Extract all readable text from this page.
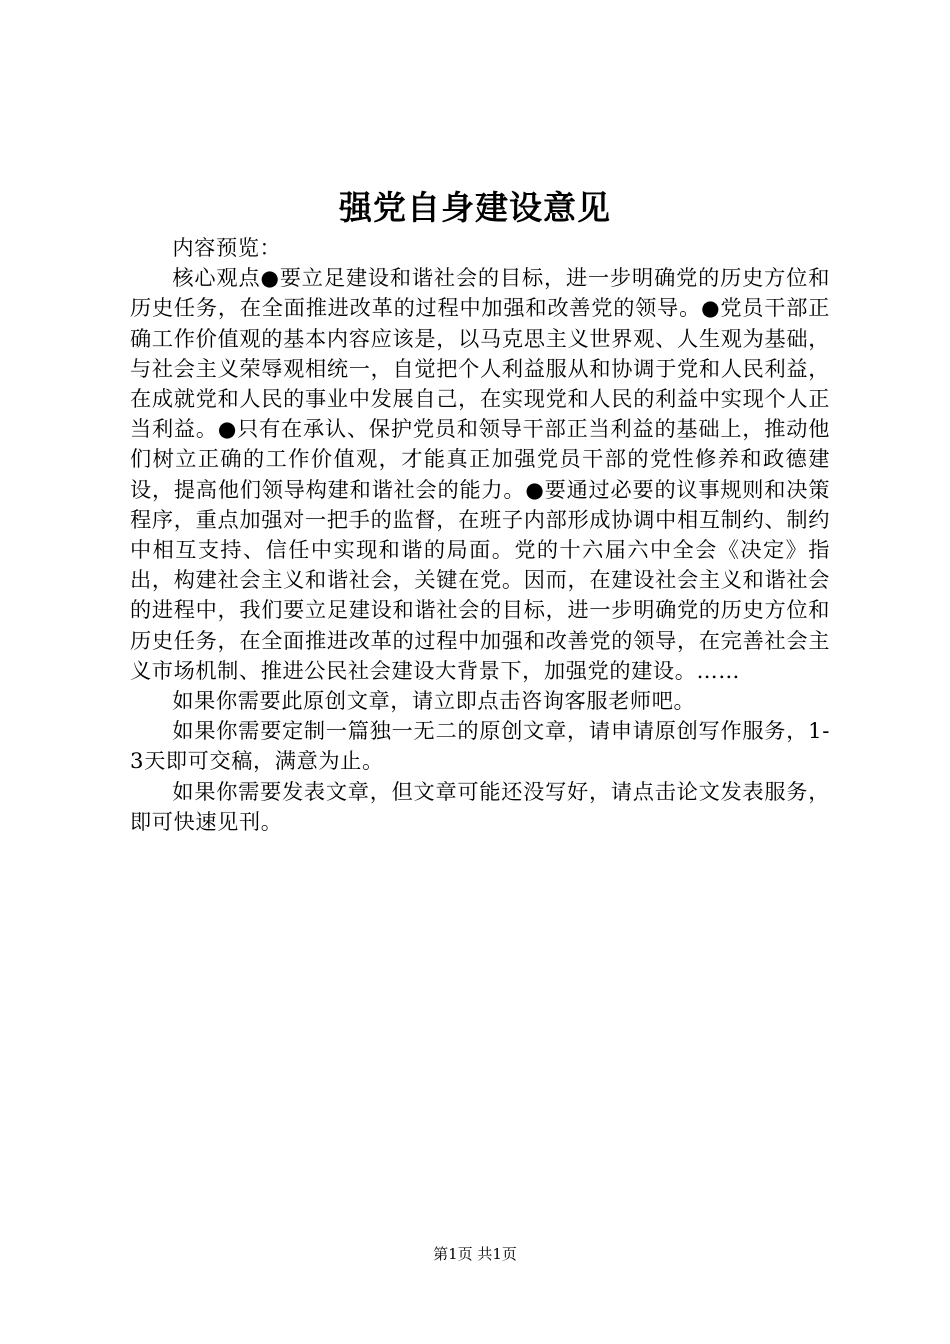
强党自身建设意见

内容预览：

核心观点●要立足建设和谐社会的目标，进一步明确党的历史方位和历史任务，在全面推进改革的过程中加强和改善党的领导。●党员干部正确工作价值观的基本内容应该是，以马克思主义世界观、人生观为基础，与社会主义荣辱观相统一，自觉把个人利益服从和协调于党和人民利益，在成就党和人民的事业中发展自己，在实现党和人民的利益中实现个人正当利益。●只有在承认、保护党员和领导干部正当利益的基础上，推动他们树立正确的工作价值观，才能真正加强党员干部的党性修养和政德建设，提高他们领导构建和谐社会的能力。●要通过必要的议事规则和决策程序，重点加强对一把手的监督，在班子内部形成协调中相互制约、制约中相互支持、信任中实现和谐的局面。党的十六届六中全会《决定》指出，构建社会主义和谐社会，关键在党。因而，在建设社会主义和谐社会的进程中，我们要立足建设和谐社会的目标，进一步明确党的历史方位和历史任务，在全面推进改革的过程中加强和改善党的领导，在完善社会主义市场机制、推进公民社会建设大背景下，加强党的建设。……

如果你需要此原创文章，请立即点击咨询客服老师吧。

如果你需要定制一篇独一无二的原创文章，请申请原创写作服务，1-3天即可交稿，满意为止。

如果你需要发表文章，但文章可能还没写好，请点击论文发表服务，即可快速见刊。

第1页 共1页
